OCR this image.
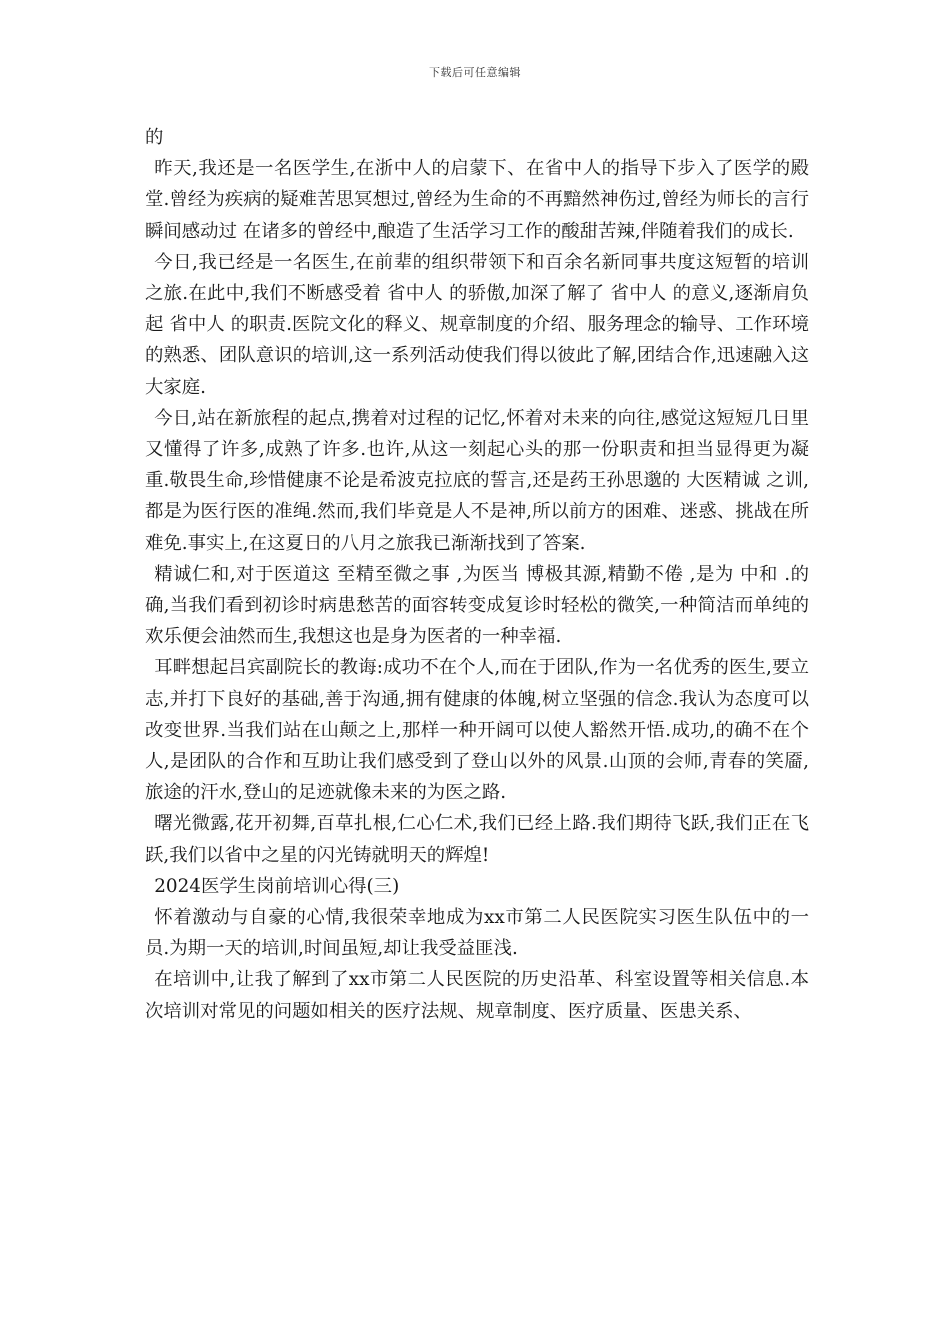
下载后可任意编辑

的

昨天,我还是一名医学生,在浙中人的启蒙下、在省中人的指导下步入了医学的殿堂.曾经为疾病的疑难苦思冥想过,曾经为生命的不再黯然神伤过,曾经为师长的言行瞬间感动过 在诸多的曾经中,酿造了生活学习工作的酸甜苦辣,伴随着我们的成长.

今日,我已经是一名医生,在前辈的组织带领下和百余名新同事共度这短暂的培训之旅.在此中,我们不断感受着 省中人 的骄傲,加深了解了 省中人 的意义,逐渐肩负起 省中人 的职责.医院文化的释义、规章制度的介绍、服务理念的输导、工作环境的熟悉、团队意识的培训,这一系列活动使我们得以彼此了解,团结合作,迅速融入这大家庭.

今日,站在新旅程的起点,携着对过程的记忆,怀着对未来的向往,感觉这短短几日里又懂得了许多,成熟了许多.也许,从这一刻起心头的那一份职责和担当显得更为凝重.敬畏生命,珍惜健康不论是希波克拉底的誓言,还是药王孙思邈的 大医精诚 之训,都是为医行医的准绳.然而,我们毕竟是人不是神,所以前方的困难、迷惑、挑战在所难免.事实上,在这夏日的八月之旅我已渐渐找到了答案.

精诚仁和,对于医道这 至精至微之事 ,为医当 博极其源,精勤不倦 ,是为 中和 .的确,当我们看到初诊时病患愁苦的面容转变成复诊时轻松的微笑,一种简洁而单纯的欢乐便会油然而生,我想这也是身为医者的一种幸福.

耳畔想起吕宾副院长的教诲:成功不在个人,而在于团队,作为一名优秀的医生,要立志,并打下良好的基础,善于沟通,拥有健康的体魄,树立坚强的信念.我认为态度可以改变世界.当我们站在山颠之上,那样一种开阔可以使人豁然开悟.成功,的确不在个人,是团队的合作和互助让我们感受到了登山以外的风景.山顶的会师,青春的笑靥,旅途的汗水,登山的足迹就像未来的为医之路.

曙光微露,花开初舞,百草扎根,仁心仁术,我们已经上路.我们期待飞跃,我们正在飞跃,我们以省中之星的闪光铸就明天的辉煌!

2024医学生岗前培训心得(三)

怀着激动与自豪的心情,我很荣幸地成为xx市第二人民医院实习医生队伍中的一员.为期一天的培训,时间虽短,却让我受益匪浅.

在培训中,让我了解到了xx市第二人民医院的历史沿革、科室设置等相关信息.本次培训对常见的问题如相关的医疗法规、规章制度、医疗质量、医患关系、
